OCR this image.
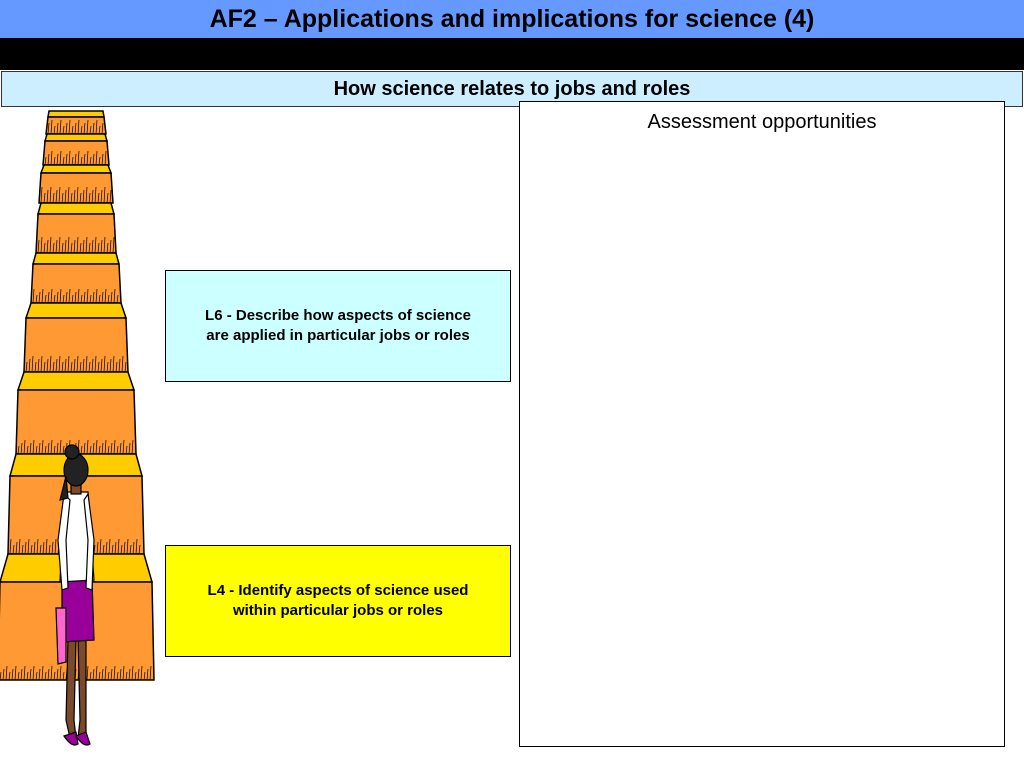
AF2 – Applications and implications for science (4)
How science relates to jobs and roles
L6 - Describe how aspects of science
are applied in particular jobs or roles
L4 - Identify aspects of science used
within particular jobs or roles
Assessment opportunities
